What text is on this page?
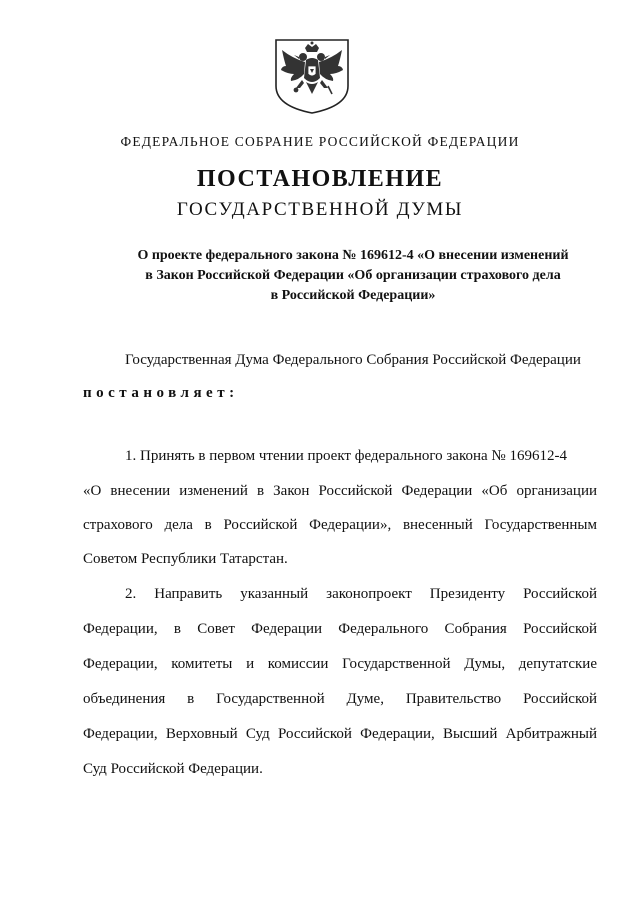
ФЕДЕРАЛЬНОЕ СОБРАНИЕ РОССИЙСКОЙ ФЕДЕРАЦИИ
ПОСТАНОВЛЕНИЕ
ГОСУДАРСТВЕННОЙ ДУМЫ
О проекте федерального закона № 169612-4 «О внесении изменений
в Закон Российской Федерации «Об организации страхового дела
в Российской Федерации»
Государственная Дума Федерального Собрания Российской Федерации
постановляет:
1. Принять в первом чтении проект федерального закона № 169612-4
«О внесении изменений в Закон Российской Федерации «Об организации
страхового дела в Российской Федерации», внесенный Государственным
Советом Республики Татарстан.
2. Направить указанный законопроект Президенту Российской
Федерации, в Совет Федерации Федерального Собрания Российской
Федерации, комитеты и комиссии Государственной Думы, депутатские
объединения в Государственной Думе, Правительство Российской
Федерации, Верховный Суд Российской Федерации, Высший Арбитражный
Суд Российской Федерации.
